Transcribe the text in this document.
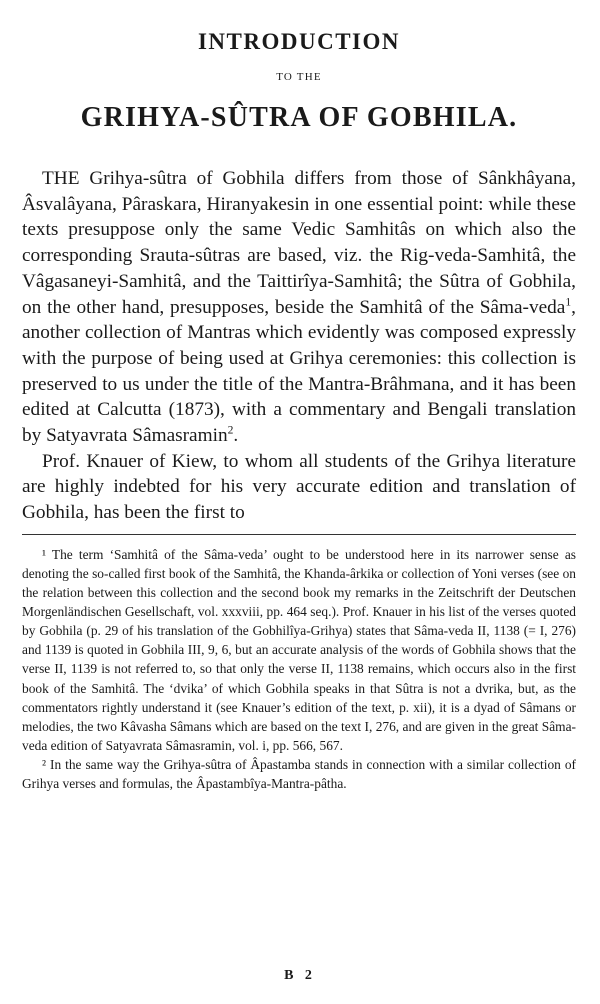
INTRODUCTION
TO THE
GRIHYA-SÛTRA OF GOBHILA.

THE Grihya-sûtra of Gobhila differs from those of Sânkhâyana, Âsvalâyana, Pâraskara, Hiranyakesin in one essential point: while these texts presuppose only the same Vedic Samhitâs on which also the corresponding Srauta-sûtras are based, viz. the Rig-veda-Samhitâ, the Vâgasaneyi-Samhitâ, and the Taittirîya-Samhitâ; the Sûtra of Gobhila, on the other hand, presupposes, beside the Samhitâ of the Sâma-veda$^1$, another collection of Mantras which evidently was composed expressly with the purpose of being used at Grihya ceremonies: this collection is preserved to us under the title of the Mantra-Brâhmana, and it has been edited at Calcutta (1873), with a commentary and Bengali translation by Satyavrata Sâmasramin$^2$.

Prof. Knauer of Kiew, to whom all students of the Grihya literature are highly indebted for his very accurate edition and translation of Gobhila, has been the first to

¹ The term ‘Samhitâ of the Sâma-veda’ ought to be understood here in its narrower sense as denoting the so-called first book of the Samhitâ, the Khanda-ârkika or collection of Yoni verses (see on the relation between this collection and the second book my remarks in the Zeitschrift der Deutschen Morgenländischen Gesellschaft, vol. xxxviii, pp. 464 seq.). Prof. Knauer in his list of the verses quoted by Gobhila (p. 29 of his translation of the Gobhilîya-Grihya) states that Sâma-veda II, 1138 (= I, 276) and 1139 is quoted in Gobhila III, 9, 6, but an accurate analysis of the words of Gobhila shows that the verse II, 1139 is not referred to, so that only the verse II, 1138 remains, which occurs also in the first book of the Samhitâ. The ‘dvika’ of which Gobhila speaks in that Sûtra is not a dvrika, but, as the commentators rightly understand it (see Knauer’s edition of the text, p. xii), it is a dyad of Sâmans or melodies, the two Kâvasha Sâmans which are based on the text I, 276, and are given in the great Sâma-veda edition of Satyavrata Sâmasramin, vol. i, pp. 566, 567.

² In the same way the Grihya-sûtra of Âpastamba stands in connection with a similar collection of Grihya verses and formulas, the Âpastambîya-Mantra-pâtha.

B 2
